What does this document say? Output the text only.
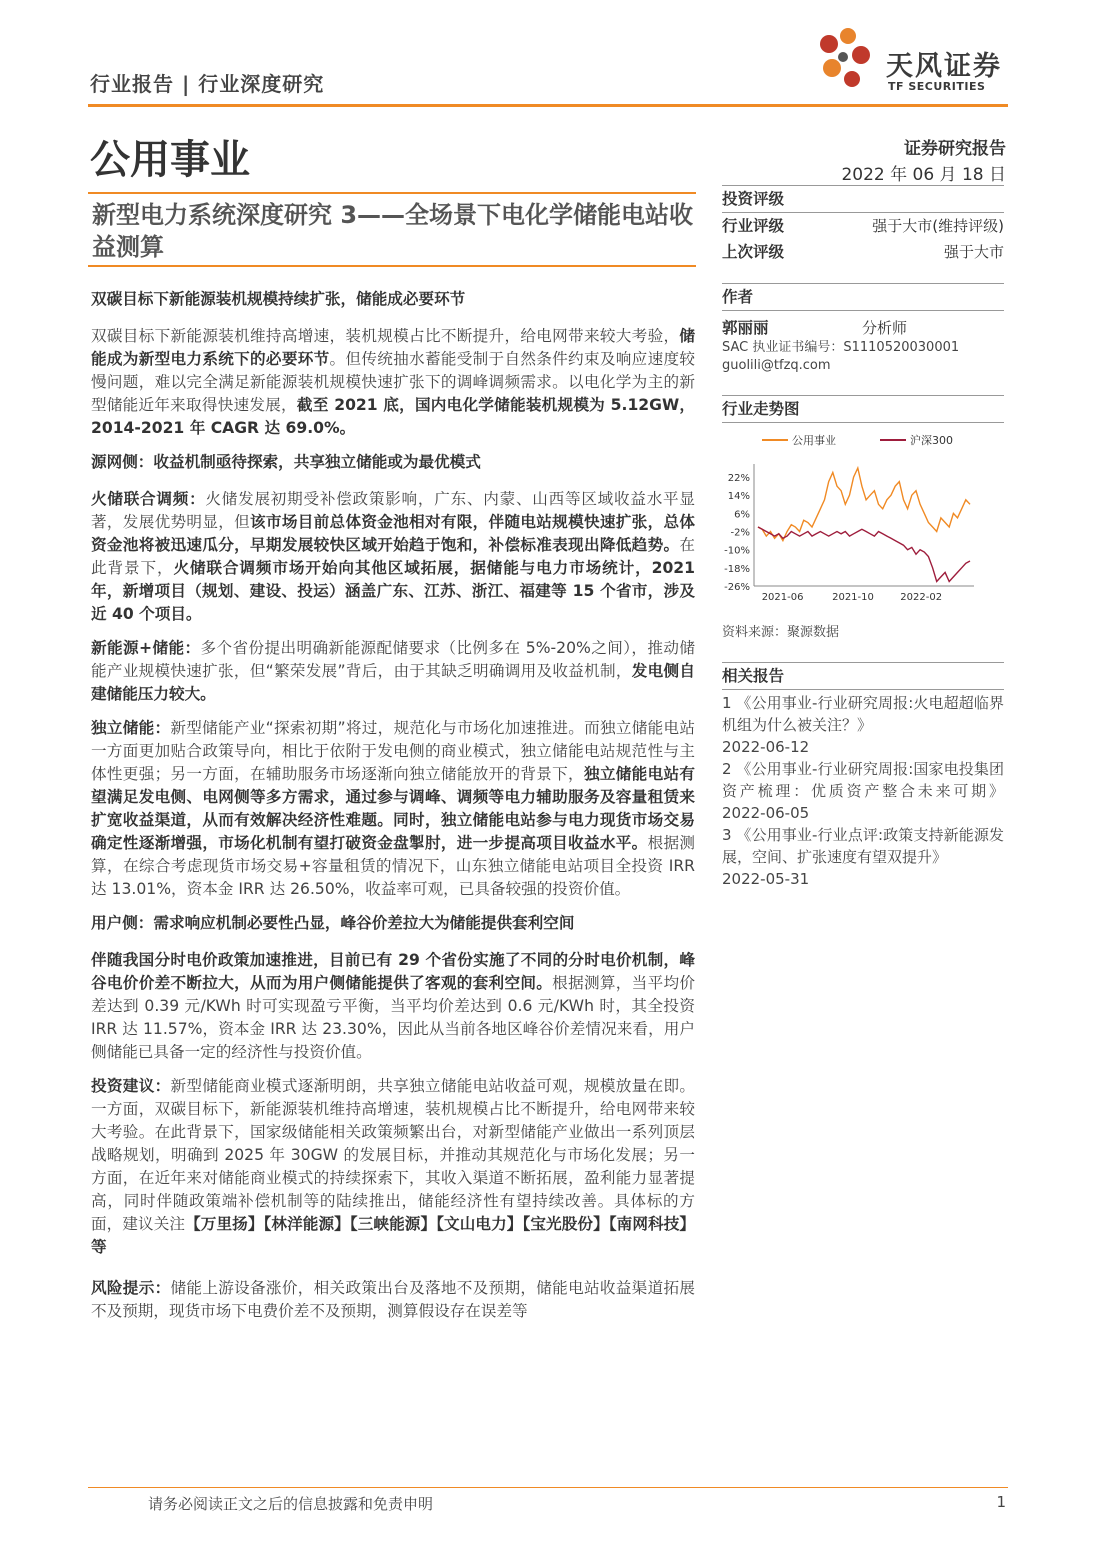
行业报告 | 行业深度研究
天风证券
TF SECURITIES
公用事业	证券研究报告
2022 年 06 月 18 日
新型电力系统深度研究 3——全场景下电化学储能电站收益测算

双碳目标下新能源装机规模持续扩张，储能成必要环节

双碳目标下新能源装机维持高增速，装机规模占比不断提升，给电网带来较大考验，储能成为新型电力系统下的必要环节。但传统抽水蓄能受制于自然条件约束及响应速度较慢问题，难以完全满足新能源装机规模快速扩张下的调峰调频需求。以电化学为主的新型储能近年来取得快速发展，截至 2021 底，国内电化学储能装机规模为 5.12GW，2014-2021 年 CAGR 达 69.0%。

源网侧：收益机制亟待探索，共享独立储能或为最优模式

火储联合调频：火储发展初期受补偿政策影响，广东、内蒙、山西等区域收益水平显著，发展优势明显，但该市场目前总体资金池相对有限，伴随电站规模快速扩张，总体资金池将被迅速瓜分，早期发展较快区域开始趋于饱和，补偿标准表现出降低趋势。在此背景下，火储联合调频市场开始向其他区域拓展，据储能与电力市场统计，2021 年，新增项目（规划、建设、投运）涵盖广东、江苏、浙江、福建等 15 个省市，涉及近 40 个项目。

新能源+储能：多个省份提出明确新能源配储要求（比例多在 5%-20%之间），推动储能产业规模快速扩张，但“繁荣发展”背后，由于其缺乏明确调用及收益机制，发电侧自建储能压力较大。

独立储能：新型储能产业“探索初期”将过，规范化与市场化加速推进。而独立储能电站一方面更加贴合政策导向，相比于依附于发电侧的商业模式，独立储能电站规范性与主体性更强；另一方面，在辅助服务市场逐渐向独立储能放开的背景下，独立储能电站有望满足发电侧、电网侧等多方需求，通过参与调峰、调频等电力辅助服务及容量租赁来扩宽收益渠道，从而有效解决经济性难题。同时，独立储能电站参与电力现货市场交易确定性逐渐增强，市场化机制有望打破资金盘掣肘，进一步提高项目收益水平。根据测算，在综合考虑现货市场交易+容量租赁的情况下，山东独立储能电站项目全投资 IRR 达 13.01%，资本金 IRR 达 26.50%，收益率可观，已具备较强的投资价值。

用户侧：需求响应机制必要性凸显，峰谷价差拉大为储能提供套利空间

伴随我国分时电价政策加速推进，目前已有 29 个省份实施了不同的分时电价机制，峰谷电价价差不断拉大，从而为用户侧储能提供了客观的套利空间。根据测算，当平均价差达到 0.39 元/KWh 时可实现盈亏平衡，当平均价差达到 0.6 元/KWh 时，其全投资 IRR 达 11.57%，资本金 IRR 达 23.30%，因此从当前各地区峰谷价差情况来看，用户侧储能已具备一定的经济性与投资价值。

投资建议：新型储能商业模式逐渐明朗，共享独立储能电站收益可观，规模放量在即。一方面，双碳目标下，新能源装机维持高增速，装机规模占比不断提升，给电网带来较大考验。在此背景下，国家级储能相关政策频繁出台，对新型储能产业做出一系列顶层战略规划，明确到 2025 年 30GW 的发展目标，并推动其规范化与市场化发展；另一方面，在近年来对储能商业模式的持续探索下，其收入渠道不断拓展，盈利能力显著提高，同时伴随政策端补偿机制等的陆续推出，储能经济性有望持续改善。具体标的方面，建议关注【万里扬】【林洋能源】【三峡能源】【文山电力】【宝光股份】【南网科技】等

风险提示：储能上游设备涨价，相关政策出台及落地不及预期，储能电站收益渠道拓展不及预期，现货市场下电费价差不及预期，测算假设存在误差等

投资评级
行业评级	强于大市(维持评级)
上次评级	强于大市
作者
郭丽丽	分析师
SAC 执业证书编号：S1110520030001
guolili@tfzq.com
行业走势图
公用事业	沪深300
22%
14%
6%
-2%
-10%
-18%
-26%
2021-06	2021-10	2022-02
资料来源：聚源数据
相关报告
1 《公用事业-行业研究周报:火电超超临界机组为什么被关注？》
2022-06-12
2 《公用事业-行业研究周报:国家电投集团资产梳理：优质资产整合未来可期》 2022-06-05
3 《公用事业-行业点评:政策支持新能源发展，空间、扩张速度有望双提升》
2022-05-31
请务必阅读正文之后的信息披露和免责申明	1
